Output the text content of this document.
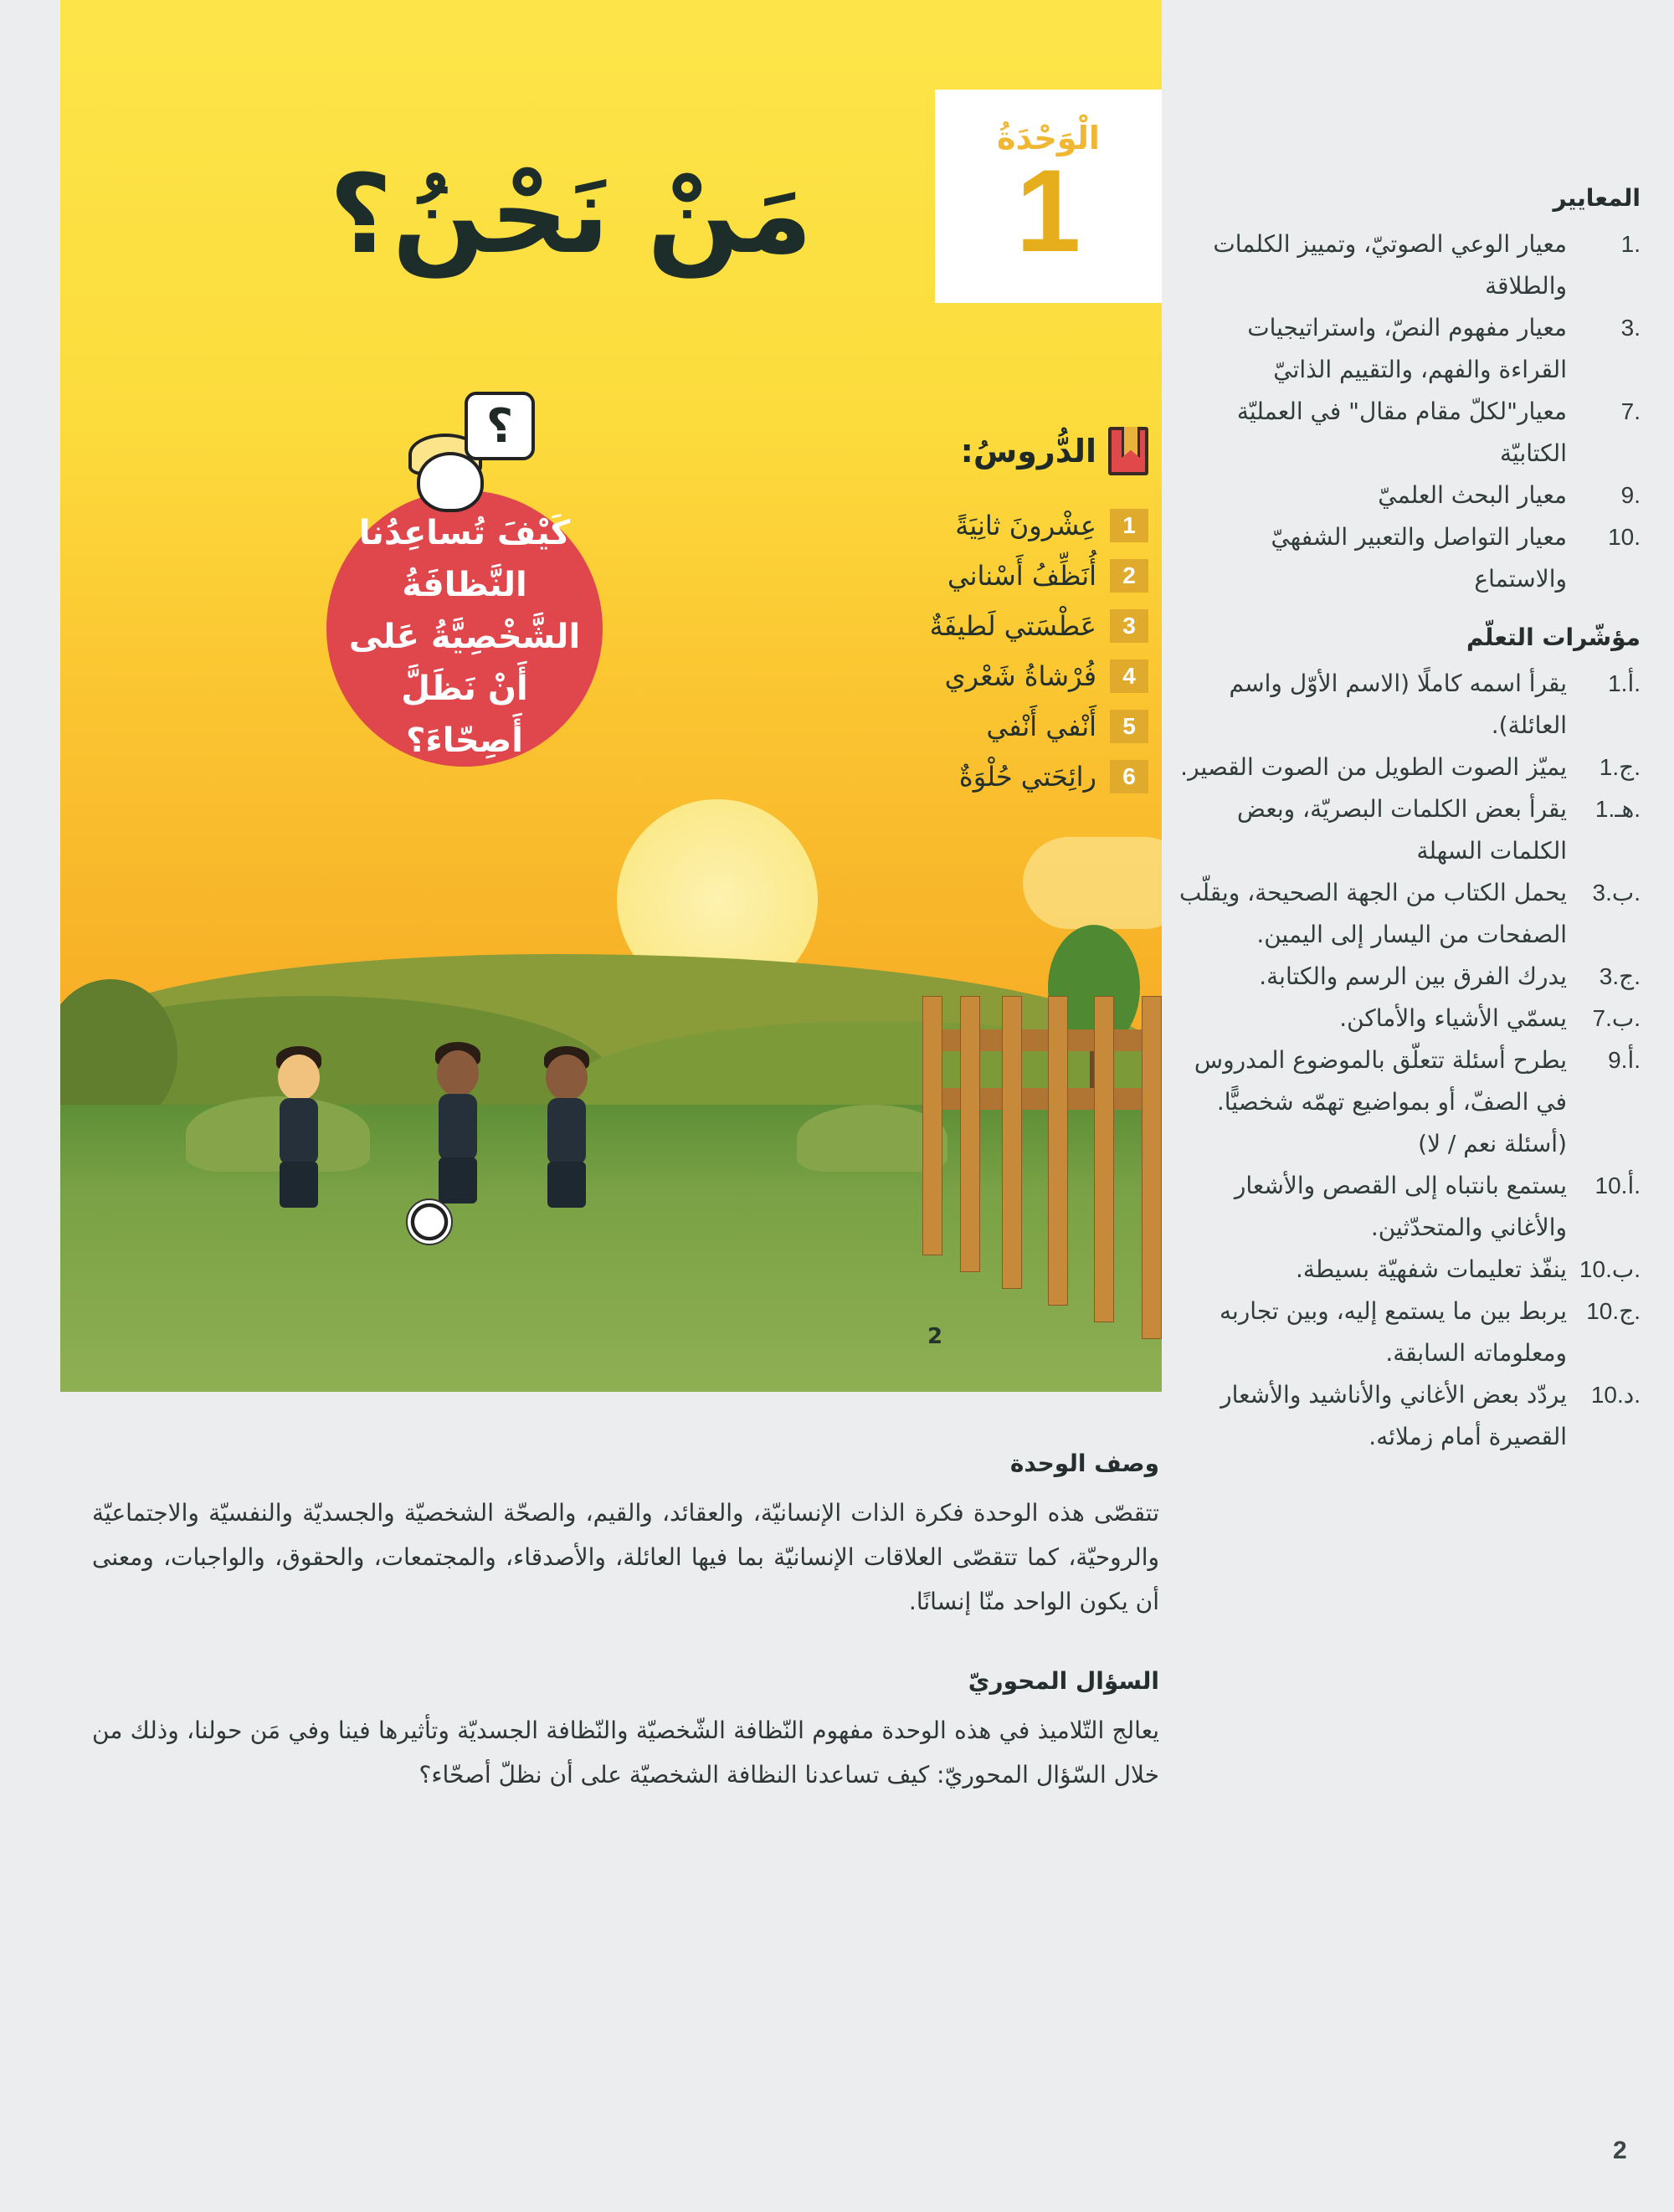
2
مَنْ نَحْنُ؟
الدُّروسُ:
1
عِشْرونَ ثانِيَةً
2
أُنَظِّفُ أَسْناني
3
عَطْسَتي لَطيفَةٌ
4
فُرْشاةُ شَعْري
5
أَنْفي أَنْفي
6
رائِحَتي حُلْوَةٌ
كَيْفَ تُساعِدُنا النَّظافَةُ الشَّخْصِيَّةُ عَلى أَنْ نَظَلَّ أَصِحّاءَ؟
؟
الْوَحْدَةُ
1	المعايير
1.
معيار الوعي الصوتيّ، وتمييز الكلمات والطلاقة
3.
معيار مفهوم النصّ، واستراتيجيات القراءة والفهم، والتقييم الذاتيّ
7.
معيار"لكلّ مقام مقال" في العمليّة الكتابيّة
9.
معيار البحث العلميّ
10.
معيار التواصل والتعبير الشفهيّ والاستماع
مؤشّرات التعلّم
1.أ.
يقرأ اسمه كاملًا (الاسم الأوّل واسم العائلة).
1.ج.
يميّز الصوت الطويل من الصوت القصير.
1.هـ.
يقرأ بعض الكلمات البصريّة، وبعض الكلمات السهلة
3.ب.
يحمل الكتاب من الجهة الصحيحة، ويقلّب الصفحات من اليسار إلى اليمين.
3.ج.
يدرك الفرق بين الرسم والكتابة.
7.ب.
يسمّي الأشياء والأماكن.
9.أ.
يطرح أسئلة تتعلّق بالموضوع المدروس في الصفّ، أو بمواضيع تهمّه شخصيًّا. (أسئلة نعم / لا)
10.أ.
يستمع بانتباه إلى القصص والأشعار والأغاني والمتحدّثين.
10.ب.
ينفّذ تعليمات شفهيّة بسيطة.
10.ج.
يربط بين ما يستمع إليه، وبين تجاربه ومعلوماته السابقة.
10.د.
يردّد بعض الأغاني والأناشيد والأشعار القصيرة أمام زملائه.
وصف الوحدة

تتقصّى هذه الوحدة فكرة الذات الإنسانيّة، والعقائد، والقيم، والصحّة الشخصيّة والجسديّة والنفسيّة والاجتماعيّة والروحيّة، كما تتقصّى العلاقات الإنسانيّة بما فيها العائلة، والأصدقاء، والمجتمعات، والحقوق، والواجبات، ومعنى أن يكون الواحد منّا إنسانًا.

السؤال المحوريّ

يعالج التّلاميذ في هذه الوحدة مفهوم النّظافة الشّخصيّة والنّظافة الجسديّة وتأثيرها فينا وفي مَن حولنا، وذلك من خلال السّؤال المحوريّ: كيف تساعدنا النظافة الشخصيّة على أن نظلّ أصحّاء؟

2
